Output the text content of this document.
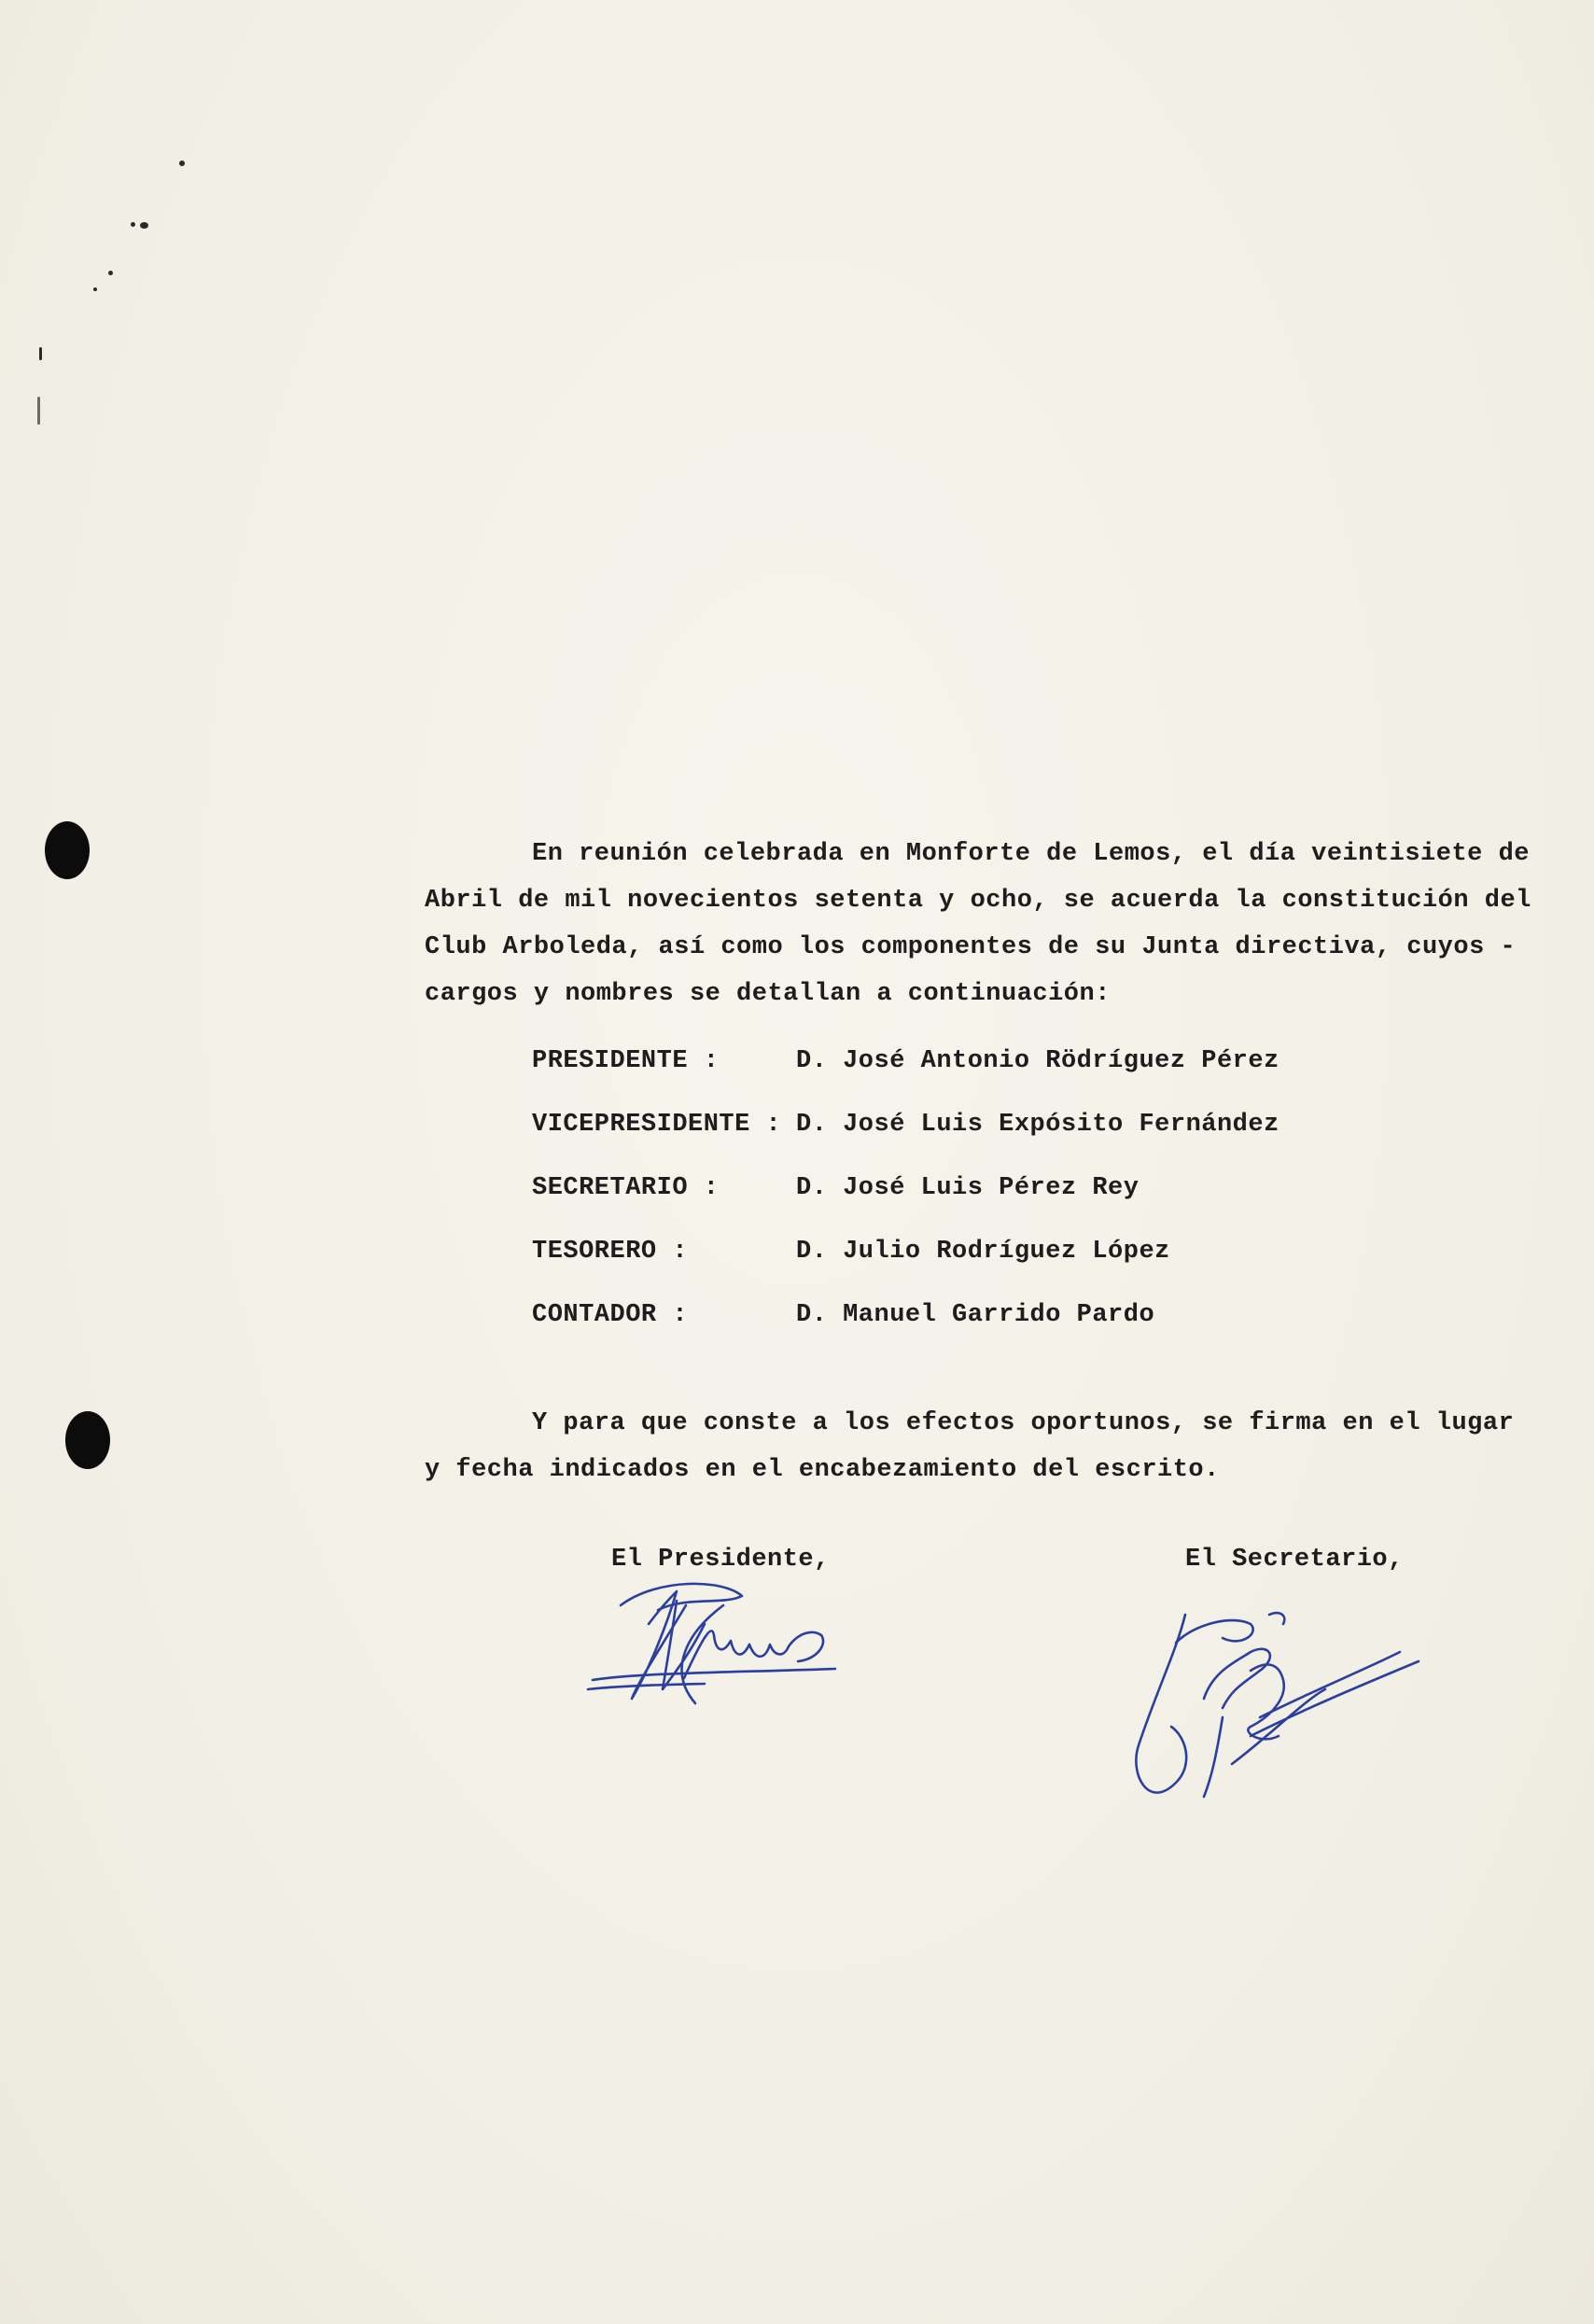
En reunión celebrada en Monforte de Lemos, el día veintisiete de
Abril de mil novecientos setenta y ocho, se acuerda la constitución del
Club Arboleda, así como los componentes de su Junta directiva, cuyos -
cargos y nombres se detallan a continuación:
PRESIDENTE :	D. José Antonio Rödríguez Pérez
VICEPRESIDENTE : D. José Luis Expósito Fernández
SECRETARIO :	D. José Luis Pérez Rey
TESORERO :	D. Julio Rodríguez López
CONTADOR :	D. Manuel Garrido Pardo
Y para que conste a los efectos oportunos, se firma en el lugar
y fecha indicados en el encabezamiento del escrito.
El Presidente,	El Secretario,
